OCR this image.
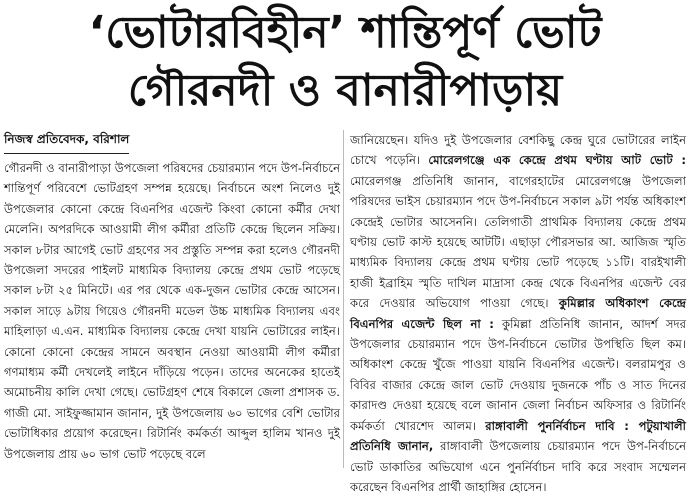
‘ভোটারবিহীন’ শান্তিপূর্ণ ভোট
গৌরনদী ও বানারীপাড়ায়
নিজস্ব প্রতিবেদক, বরিশাল

গৌরনদী ও বানারীপাড়া উপজেলা পরিষদের চেয়ারম্যান পদে উপ-নির্বাচনে শান্তিপূর্ণ পরিবেশে ভোটগ্রহণ সম্পন্ন হয়েছে। নির্বাচনে অংশ নিলেও দুই উপজেলার কোনো কেন্দ্রে বিএনপির এজেন্ট কিংবা কোনো কর্মীর দেখা মেলেনি। অপরদিকে আওয়ামী লীগ কর্মীরা প্রতিটি কেন্দ্রে ছিলেন সক্রিয়। সকাল ৮টার আগেই ভোট গ্রহণের সব প্রস্তুতি সম্পন্ন করা হলেও গৌরনদী উপজেলা সদরের পাইলট মাধ্যমিক বিদ্যালয় কেন্দ্রে প্রথম ভোট পড়েছে সকাল ৮টা ২৫ মিনিটে। এর পর থেকে এক-দুজন ভোটার কেন্দ্রে আসেন। সকাল সাড়ে ৯টায় গিয়েও গৌরনদী মডেল উচ্চ মাধ্যমিক বিদ্যালয় এবং মাহিলাড়া এ.এন. মাধ্যমিক বিদ্যালয় কেন্দ্রে দেখা যায়নি ভোটারের লাইন। কোনো কোনো কেন্দ্রের সামনে অবস্থান নেওয়া আওয়ামী লীগ কর্মীরা গণমাধ্যম কর্মী দেখলেই লাইনে দাঁড়িয়ে পড়েন। তাদের অনেকের হাতেই অমোচনীয় কালি দেখা গেছে। ভোটগ্রহণ শেষে বিকালে জেলা প্রশাসক ড. গাজী মো. সাইফুজ্জামান জানান, দুই উপজেলায় ৬০ ভাগের বেশি ভোটার ভোটাধিকার প্রয়োগ করেছেন। রিটার্নিং কর্মকর্তা আব্দুল হালিম খানও দুই উপজেলায় প্রায় ৬০ ভাগ ভোট পড়েছে বলে

জানিয়েছেন। যদিও দুই উপজেলার বেশকিছু কেন্দ্র ঘুরে ভোটারের লাইন চোখে পড়েনি। মোরেলগঞ্জে এক কেন্দ্রে প্রথম ঘণ্টায় আট ভোট : মোরেলগঞ্জ প্রতিনিধি জানান, বাগেরহাটের মোরেলগঞ্জে উপজেলা পরিষদের ভাইস চেয়ারম্যান পদে উপ-নির্বাচনে সকাল ৯টা পর্যন্ত অধিকাংশ কেন্দ্রেই ভোটার আসেননি। তেলিগাতী প্রাথমিক বিদ্যালয় কেন্দ্রে প্রথম ঘণ্টায় ভোট কাস্ট হয়েছে আটটি। এছাড়া পৌরসভার আ. আজিজ স্মৃতি মাধ্যমিক বিদ্যালয় কেন্দ্রে প্রথম ঘণ্টায় ভোট পড়েছে ১১টি। বারইখালী হাজী ইব্রাহিম স্মৃতি দাখিল মাদ্রাসা কেন্দ্র থেকে বিএনপির এজেন্ট বের করে দেওয়ার অভিযোগ পাওয়া গেছে। কুমিল্লার অধিকাংশ কেন্দ্রে বিএনপির এজেন্ট ছিল না : কুমিল্লা প্রতিনিধি জানান, আদর্শ সদর উপজেলার চেয়ারম্যান পদে উপ-নির্বাচনে ভোটার উপস্থিতি ছিল কম। অধিকাংশ কেন্দ্রে খুঁজে পাওয়া যায়নি বিএনপির এজেন্ট। বলরামপুর ও বিবির বাজার কেন্দ্রে জাল ভোট দেওয়ায় দুজনকে পাঁচ ও সাত দিনের কারাদণ্ড দেওয়া হয়েছে বলে জানান জেলা নির্বাচন অফিসার ও রিটার্নিং কর্মকর্তা খোরশেদ আলম। রাঙ্গাবালী পুনর্নির্বাচন দাবি : পটুয়াখালী প্রতিনিধি জানান, রাঙ্গাবালী উপজেলায় চেয়ারম্যান পদে উপ-নির্বাচনে ভোট ডাকাতির অভিযোগ এনে পুনর্নির্বাচন দাবি করে সংবাদ সম্মেলন করেছেন বিএনপির প্রার্থী জাহাঙ্গির হোসেন।
